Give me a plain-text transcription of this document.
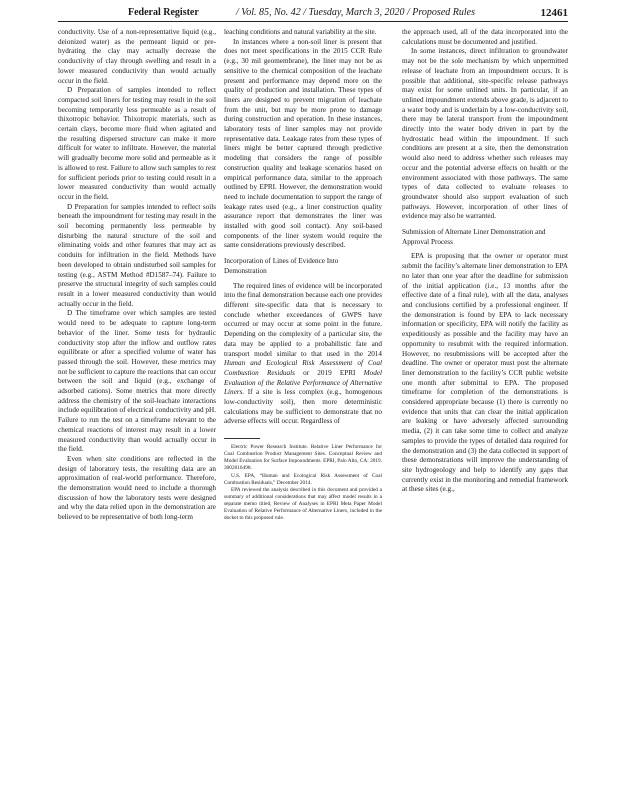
Federal Register	/ Vol. 85, No. 42 / Tuesday, March 3, 2020 / Proposed Rules	12461

conductivity. Use of a non-representative liquid (e.g., deionized water) as the permeant liquid or pre-hydrating the clay may actually decrease the conductivity of clay through swelling and result in a lower measured conductivity than would actually occur in the field.

D Preparation of samples intended to reflect compacted soil liners for testing may result in the soil becoming temporarily less permeable as a result of thixotropic behavior. Thixotropic materials, such as certain clays, become more fluid when agitated and the resulting dispersed structure can make it more difficult for water to infiltrate. However, the material will gradually become more solid and permeable as it is allowed to rest. Failure to allow such samples to rest for sufficient periods prior to testing could result in a lower measured conductivity than would actually occur in the field.

D Preparation for samples intended to reflect soils beneath the impoundment for testing may result in the soil becoming permanently less permeable by disturbing the natural structure of the soil and eliminating voids and other features that may act as conduits for infiltration in the field. Methods have been developed to obtain undisturbed soil samples for testing (e.g., ASTM Method #D1587–74). Failure to preserve the structural integrity of such samples could result in a lower measured conductivity than would actually occur in the field.

D The timeframe over which samples are tested would need to be adequate to capture long-term behavior of the liner. Some tests for hydraulic conductivity stop after the inflow and outflow rates equilibrate or after a specified volume of water has passed through the soil. However, these metrics may not be sufficient to capture the reactions that can occur between the soil and liquid (e.g., exchange of adsorbed cations). Some metrics that more directly address the chemistry of the soil-leachate interactions include equilibration of electrical conductivity and pH. Failure to run the test on a timeframe relevant to the chemical reactions of interest may result in a lower measured conductivity than would actually occur in the field.

Even when site conditions are reflected in the design of laboratory tests, the resulting data are an approximation of real-world performance. Therefore, the demonstration would need to include a thorough discussion of how the laboratory tests were designed and why the data relied upon in the demonstration are believed to be representative of both long-term

leaching conditions and natural variability at the site.

In instances where a non-soil liner is present that does not meet specifications in the 2015 CCR Rule (e.g., 30 mil geomembrane), the liner may not be as sensitive to the chemical composition of the leachate present and performance may depend more on the quality of production and installation. These types of liners are designed to prevent migration of leachate from the unit, but may be more prone to damage during construction and operation. In these instances, laboratory tests of liner samples may not provide representative data. Leakage rates from these types of liners might be better captured through predictive modeling that considers the range of possible construction quality and leakage scenarios based on empirical performance data, similar to the approach outlined by EPRI. However, the demonstration would need to include documentation to support the range of leakage rates used (e.g., a liner construction quality assurance report that demonstrates the liner was installed with good soil contact). Any soil-based components of the liner system would require the same considerations previously described.

Incorporation of Lines of Evidence Into Demonstration

The required lines of evidence will be incorporated into the final demonstration because each one provides different site-specific data that is necessary to conclude whether exceedances of GWPS have occurred or may occur at some point in the future. Depending on the complexity of a particular site, the data may be applied to a probabilistic fate and transport model similar to that used in the 2014 Human and Ecological Risk Assessment of Coal Combustion Residuals or 2019 EPRI Model Evaluation of the Relative Performance of Alternative Liners. If a site is less complex (e.g., homogenous low-conductivity soil), then more deterministic calculations may be sufficient to demonstrate that no adverse effects will occur. Regardless of

Electric Power Research Institute. Relative Liner Performance for Coal Combustion Product Management Sites. Conceptual Review and Model Evaluation for Surface Impoundments. EPRI, Palo Alto, CA: 2019. 3002016498.

U.S. EPA, “Human and Ecological Risk Assessment of Coal Combustion Residuals,” December 2014.

EPA reviewed the analysis described in this document and provided a summary of additional considerations that may affect model results in a separate memo titled, Review of Analyses in EPRI Meta Paper Model Evaluation of Relative Performance of Alternative Liners, included in the docket to this proposed rule.

the approach used, all of the data incorporated into the calculations must be documented and justified.

In some instances, direct infiltration to groundwater may not be the sole mechanism by which unpermitted release of leachate from an impoundment occurs. It is possible that additional, site-specific release pathways may exist for some unlined units. In particular, if an unlined impoundment extends above grade, is adjacent to a water body and is underlain by a low-conductivity soil, there may be lateral transport from the impoundment directly into the water body driven in part by the hydrostatic head within the impoundment. If such conditions are present at a site, then the demonstration would also need to address whether such releases may occur and the potential adverse effects on health or the environment associated with those pathways. The same types of data collected to evaluate releases to groundwater should also support evaluation of such pathways. However, incorporation of other lines of evidence may also be warranted.

Submission of Alternate Liner Demonstration and Approval Process

EPA is proposing that the owner or operator must submit the facility’s alternate liner demonstration to EPA no later than one year after the deadline for submission of the initial application (i.e., 13 months after the effective date of a final rule), with all the data, analyses and conclusions certified by a professional engineer. If the demonstration is found by EPA to lack necessary information or specificity, EPA will notify the facility as expeditiously as possible and the facility may have an opportunity to resubmit with the required information. However, no resubmissions will be accepted after the deadline. The owner or operator must post the alternate liner demonstration to the facility’s CCR public website one month after submittal to EPA. The proposed timeframe for completion of the demonstrations is considered appropriate because (1) there is currently no evidence that units that can clear the initial application are leaking or have adversely affected surrounding media, (2) it can take some time to collect and analyze samples to provide the types of detailed data required for the demonstration and (3) the data collected in support of these demonstrations will improve the understanding of site hydrogeology and help to identify any gaps that currently exist in the monitoring and remedial framework at these sites (e.g.,
